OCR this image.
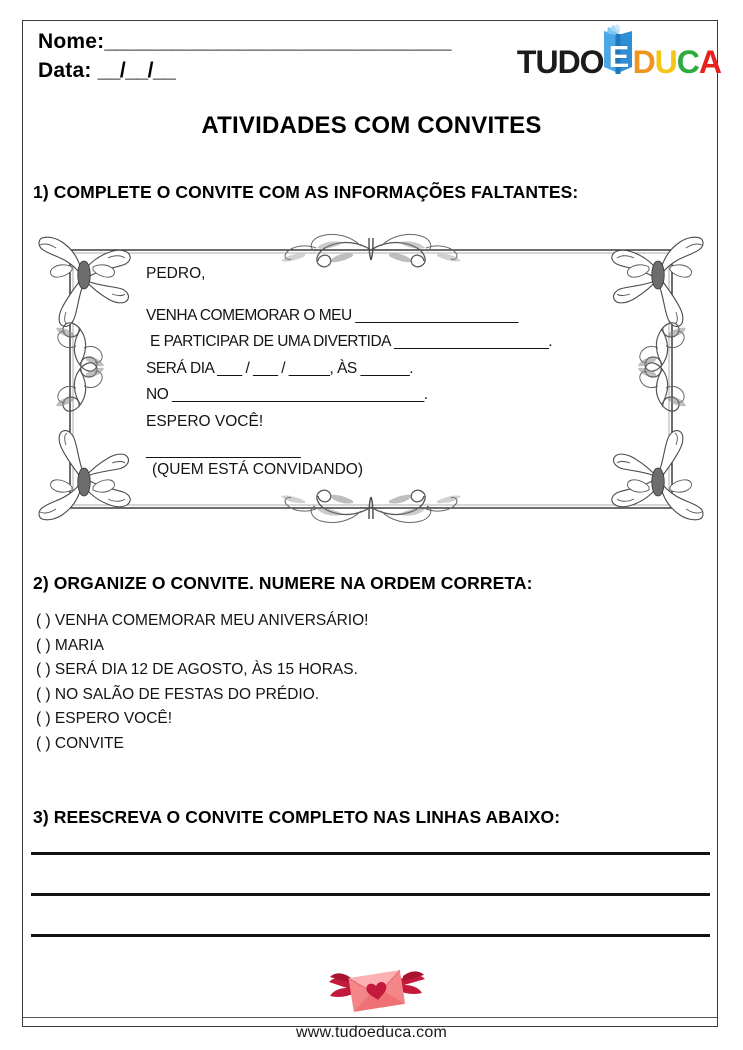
Nome:_______________________________
Data: __/__/__	TUDO E D U C A
ATIVIDADES COM CONVITES
1) COMPLETE O CONVITE COM AS INFORMAÇÕES FALTANTES:
PEDRO,
VENHA COMEMORAR O MEU ____________________
E PARTICIPAR DE UMA DIVERTIDA ___________________.
SERÁ DIA ___ / ___ / _____, ÀS ______.
NO _______________________________.
ESPERO VOCÊ!
___________________
(QUEM ESTÁ CONVIDANDO)
2) ORGANIZE O CONVITE. NUMERE NA ORDEM CORRETA:
( ) VENHA COMEMORAR MEU ANIVERSÁRIO!
( ) MARIA
( ) SERÁ DIA 12 DE AGOSTO, ÀS 15 HORAS.
( ) NO SALÃO DE FESTAS DO PRÉDIO.
( ) ESPERO VOCÊ!
( ) CONVITE
3) REESCREVA O CONVITE COMPLETO NAS LINHAS ABAIXO:
www.tudoeduca.com
